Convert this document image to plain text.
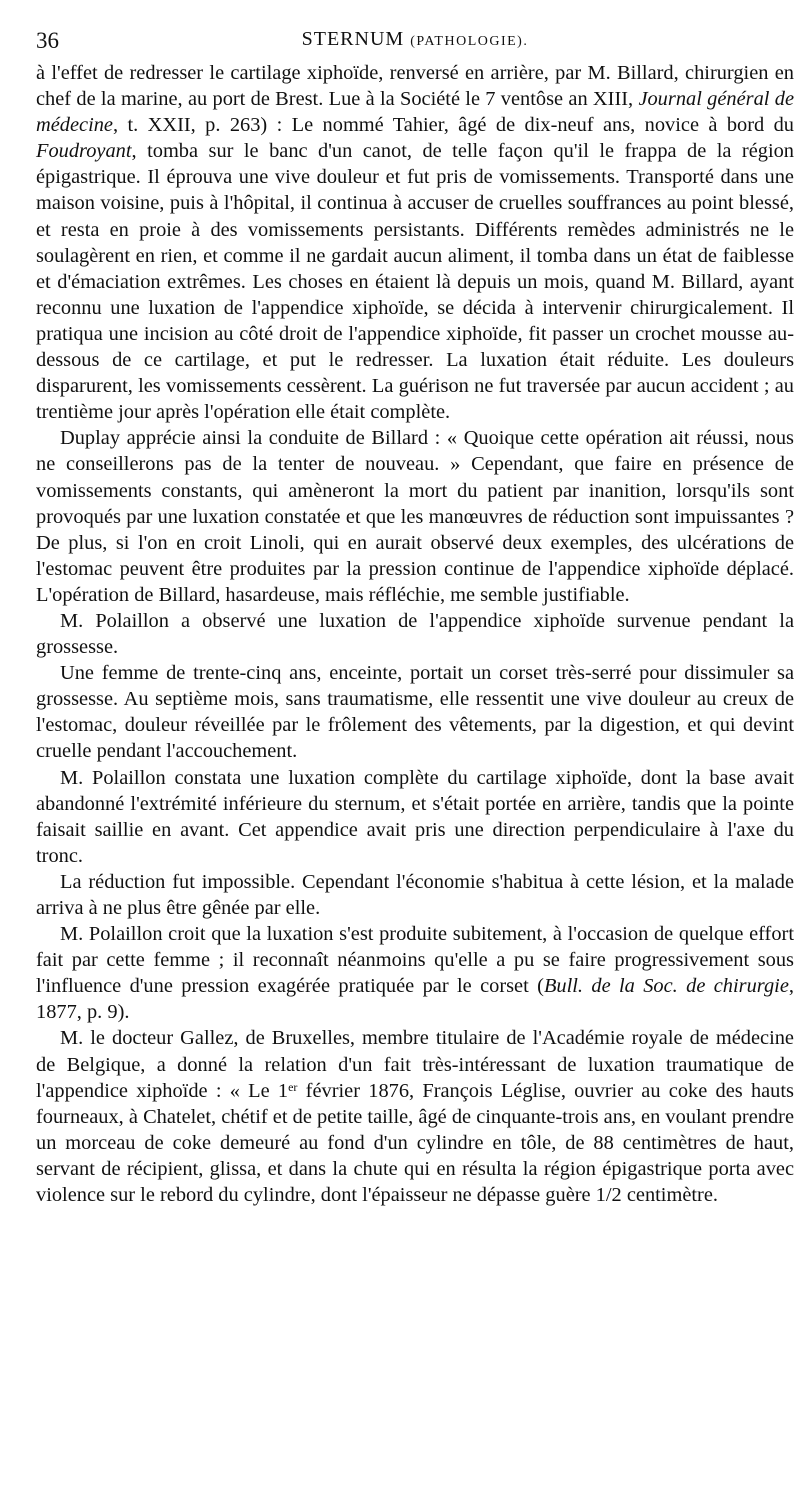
36	STERNUM (PATHOLOGIE).

à l'effet de redresser le cartilage xiphoïde, renversé en arrière, par M. Billard, chirurgien en chef de la marine, au port de Brest. Lue à la Société le 7 ventôse an XIII, Journal général de médecine, t. XXII, p. 263) : Le nommé Tahier, âgé de dix-neuf ans, novice à bord du Foudroyant, tomba sur le banc d'un canot, de telle façon qu'il le frappa de la région épigastrique. Il éprouva une vive douleur et fut pris de vomissements. Transporté dans une maison voisine, puis à l'hôpital, il continua à accuser de cruelles souffrances au point blessé, et resta en proie à des vomissements persistants. Différents remèdes administrés ne le soulagèrent en rien, et comme il ne gardait aucun aliment, il tomba dans un état de faiblesse et d'émaciation extrêmes. Les choses en étaient là depuis un mois, quand M. Billard, ayant reconnu une luxation de l'appendice xiphoïde, se décida à intervenir chirurgicalement. Il pratiqua une incision au côté droit de l'appendice xiphoïde, fit passer un crochet mousse au-dessous de ce cartilage, et put le redresser. La luxation était réduite. Les douleurs disparurent, les vomissements cessèrent. La guérison ne fut traversée par aucun accident ; au trentième jour après l'opération elle était complète.

Duplay apprécie ainsi la conduite de Billard : « Quoique cette opération ait réussi, nous ne conseillerons pas de la tenter de nouveau. » Cependant, que faire en présence de vomissements constants, qui amèneront la mort du patient par inanition, lorsqu'ils sont provoqués par une luxation constatée et que les manœuvres de réduction sont impuissantes ? De plus, si l'on en croit Linoli, qui en aurait observé deux exemples, des ulcérations de l'estomac peuvent être produites par la pression continue de l'appendice xiphoïde déplacé. L'opération de Billard, hasardeuse, mais réfléchie, me semble justifiable.

M. Polaillon a observé une luxation de l'appendice xiphoïde survenue pendant la grossesse.

Une femme de trente-cinq ans, enceinte, portait un corset très-serré pour dissimuler sa grossesse. Au septième mois, sans traumatisme, elle ressentit une vive douleur au creux de l'estomac, douleur réveillée par le frôlement des vêtements, par la digestion, et qui devint cruelle pendant l'accouchement.

M. Polaillon constata une luxation complète du cartilage xiphoïde, dont la base avait abandonné l'extrémité inférieure du sternum, et s'était portée en arrière, tandis que la pointe faisait saillie en avant. Cet appendice avait pris une direction perpendiculaire à l'axe du tronc.

La réduction fut impossible. Cependant l'économie s'habitua à cette lésion, et la malade arriva à ne plus être gênée par elle.

M. Polaillon croit que la luxation s'est produite subitement, à l'occasion de quelque effort fait par cette femme ; il reconnaît néanmoins qu'elle a pu se faire progressivement sous l'influence d'une pression exagérée pratiquée par le corset (Bull. de la Soc. de chirurgie, 1877, p. 9).

M. le docteur Gallez, de Bruxelles, membre titulaire de l'Académie royale de médecine de Belgique, a donné la relation d'un fait très-intéressant de luxation traumatique de l'appendice xiphoïde : « Le 1er février 1876, François Léglise, ouvrier au coke des hauts fourneaux, à Chatelet, chétif et de petite taille, âgé de cinquante-trois ans, en voulant prendre un morceau de coke demeuré au fond d'un cylindre en tôle, de 88 centimètres de haut, servant de récipient, glissa, et dans la chute qui en résulta la région épigastrique porta avec violence sur le rebord du cylindre, dont l'épaisseur ne dépasse guère 1/2 centimètre.
